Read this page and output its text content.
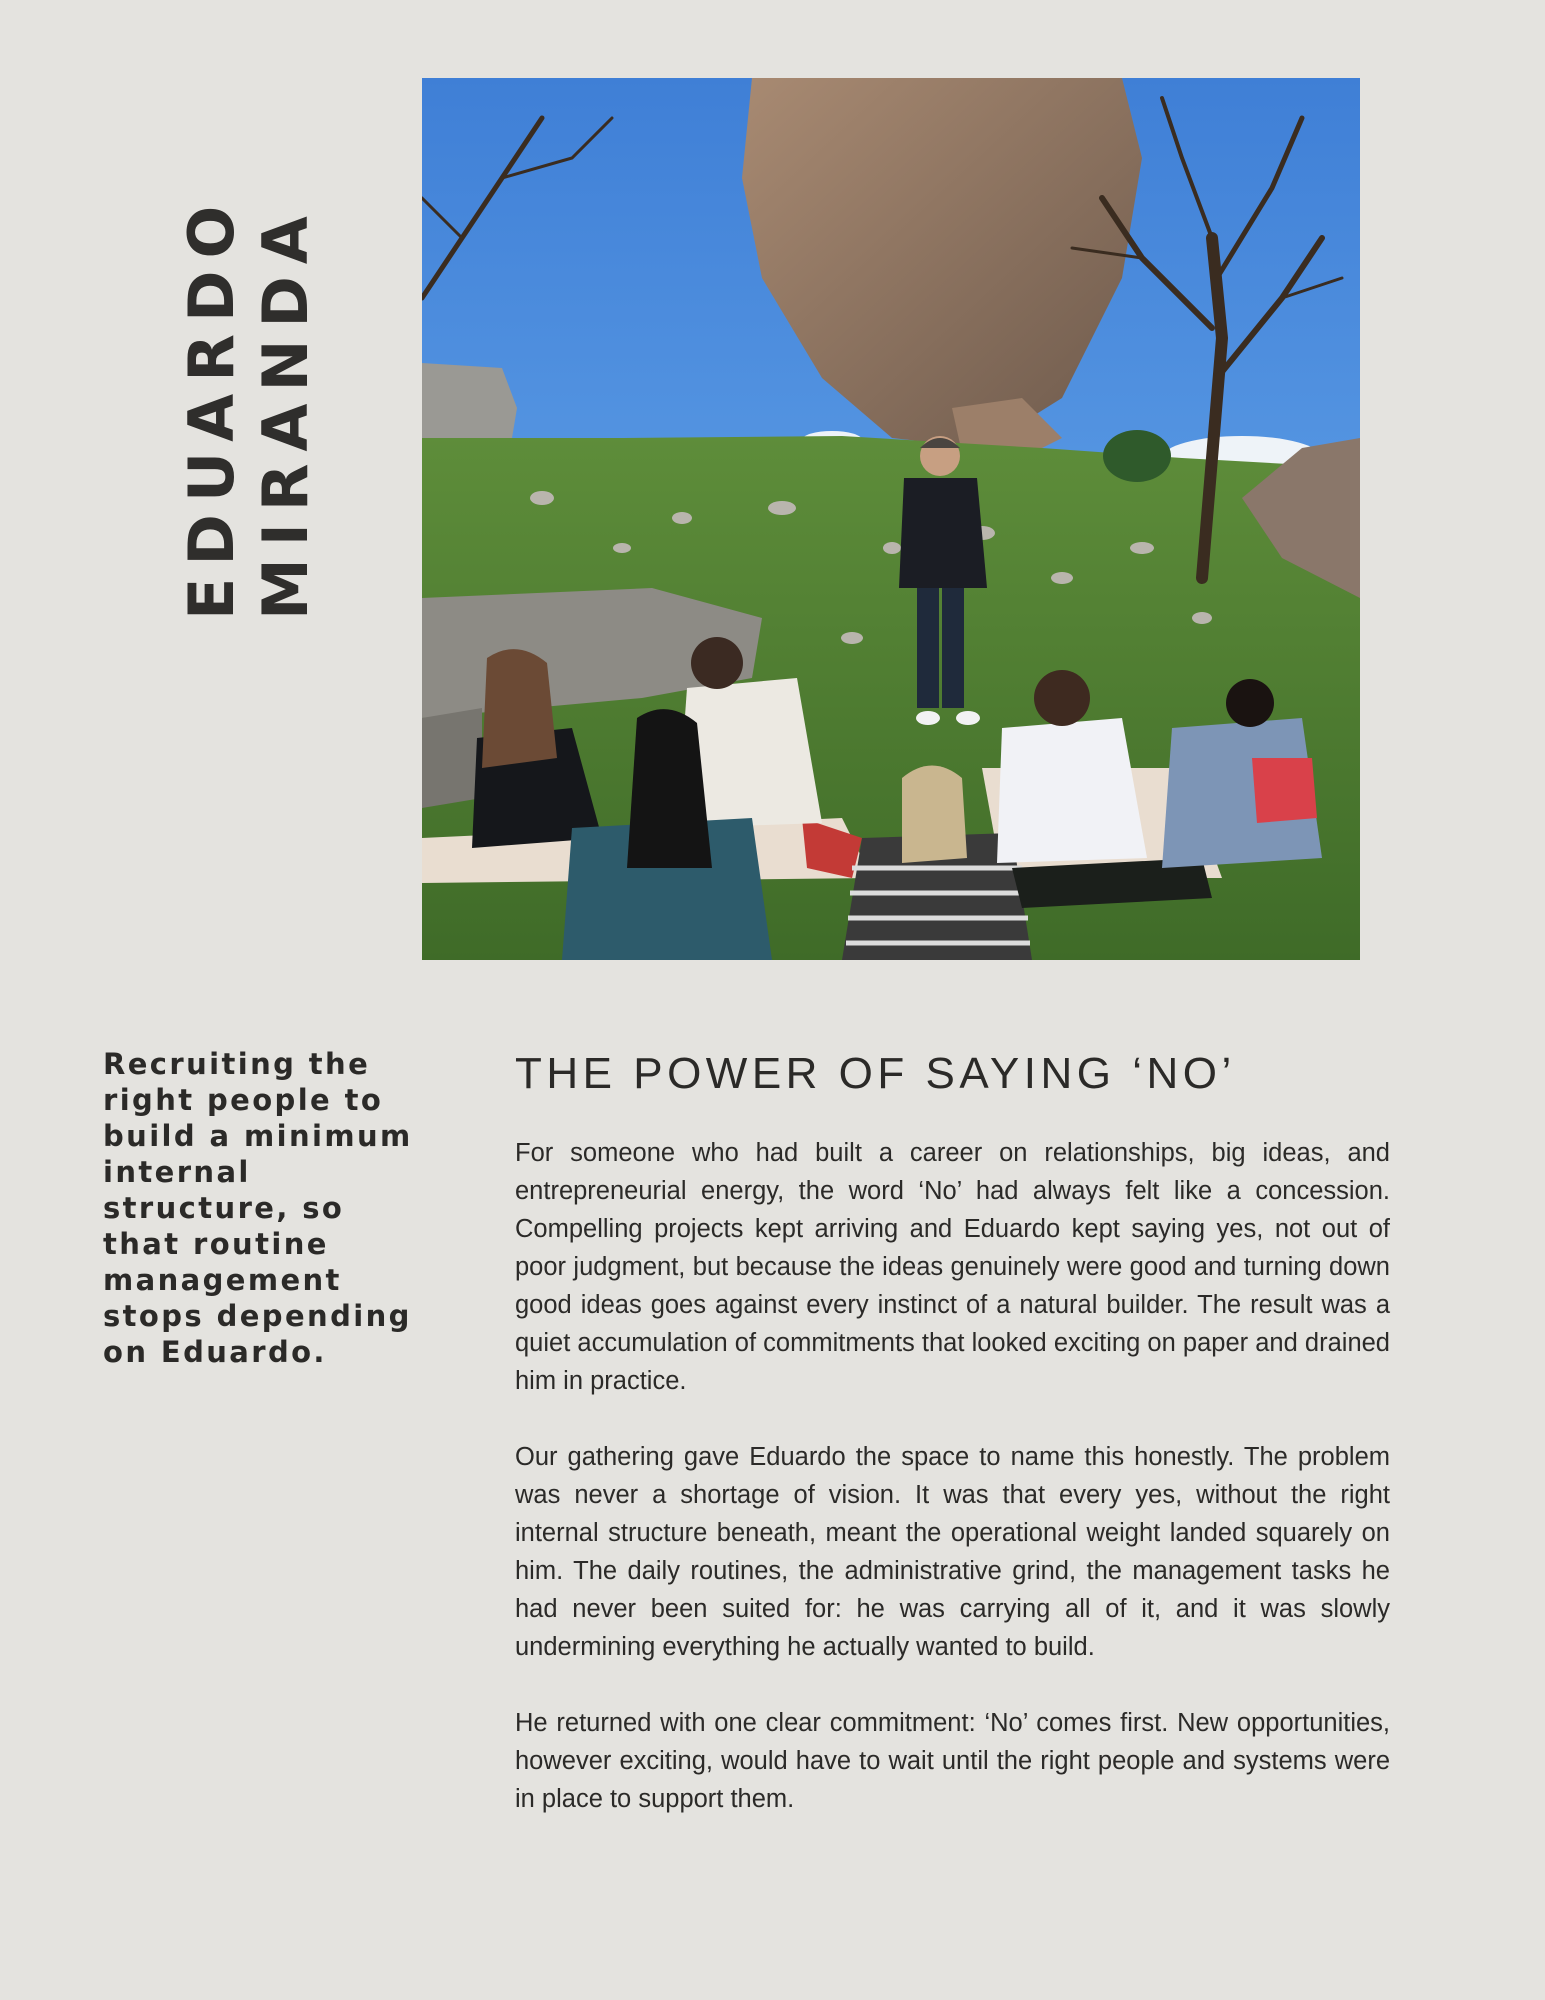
EDUARDO MIRANDA

Recruiting the right people to build a minimum internal structure, so that routine management stops depending on Eduardo.

THE POWER OF SAYING ‘NO’

For someone who had built a career on relationships, big ideas, and entrepreneurial energy, the word ‘No’ had always felt like a concession. Compelling projects kept arriving and Eduardo kept saying yes, not out of poor judgment, but because the ideas genuinely were good and turning down good ideas goes against every instinct of a natural builder. The result was a quiet accumulation of commitments that looked exciting on paper and drained him in practice.

Our gathering gave Eduardo the space to name this honestly. The problem was never a shortage of vision. It was that every yes, without the right internal structure beneath, meant the operational weight landed squarely on him. The daily routines, the administrative grind, the management tasks he had never been suited for: he was carrying all of it, and it was slowly undermining everything he actually wanted to build.

He returned with one clear commitment: ‘No’ comes first. New opportunities, however exciting, would have to wait until the right people and systems were in place to support them.
